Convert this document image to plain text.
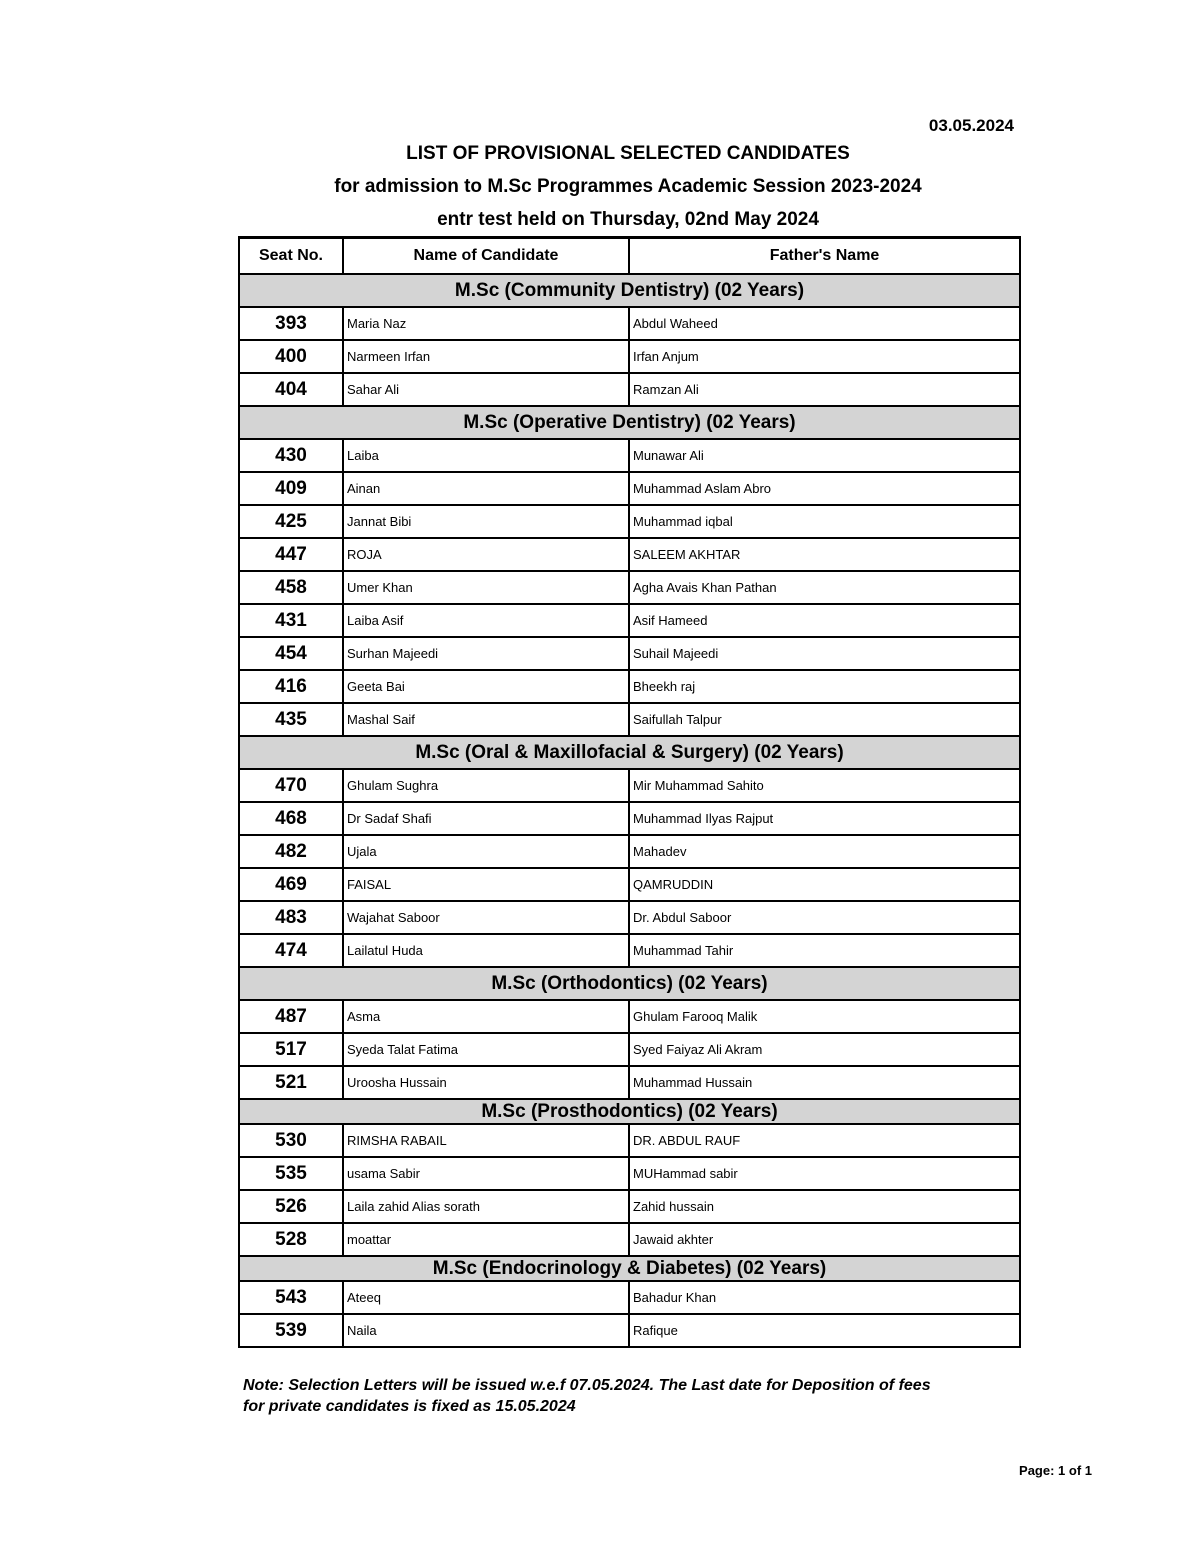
03.05.2024
LIST OF PROVISIONAL SELECTED CANDIDATES
for admission to M.Sc Programmes Academic Session 2023-2024
entr test held on Thursday, 02nd May 2024
Seat No.	Name of Candidate	Father's Name
M.Sc (Community Dentistry) (02 Years)		
393	Maria Naz	Abdul Waheed
400	Narmeen Irfan	Irfan Anjum
404	Sahar Ali	Ramzan Ali
M.Sc (Operative Dentistry) (02 Years)		
430	Laiba	Munawar Ali
409	Ainan	Muhammad Aslam Abro
425	Jannat Bibi	Muhammad iqbal
447	ROJA	SALEEM AKHTAR
458	Umer Khan	Agha Avais Khan Pathan
431	Laiba Asif	Asif Hameed
454	Surhan Majeedi	Suhail Majeedi
416	Geeta Bai	Bheekh raj
435	Mashal Saif	Saifullah Talpur
M.Sc (Oral & Maxillofacial & Surgery) (02 Years)		
470	Ghulam Sughra	Mir Muhammad Sahito
468	Dr Sadaf Shafi	Muhammad Ilyas Rajput
482	Ujala	Mahadev
469	FAISAL	QAMRUDDIN
483	Wajahat Saboor	Dr. Abdul Saboor
474	Lailatul Huda	Muhammad Tahir
M.Sc (Orthodontics) (02 Years)		
487	Asma	Ghulam Farooq Malik
517	Syeda Talat Fatima	Syed Faiyaz Ali Akram
521	Uroosha Hussain	Muhammad Hussain
M.Sc (Prosthodontics) (02 Years)		
530	RIMSHA RABAIL	DR. ABDUL RAUF
535	usama Sabir	MUHammad sabir
526	Laila zahid Alias sorath	Zahid hussain
528	moattar	Jawaid akhter
M.Sc (Endocrinology & Diabetes) (02 Years)		
543	Ateeq	Bahadur Khan
539	Naila	Rafique
Note: Selection Letters will be issued w.e.f 07.05.2024. The Last date for Deposition of fees
for private candidates is fixed as 15.05.2024
Page: 1 of 1
